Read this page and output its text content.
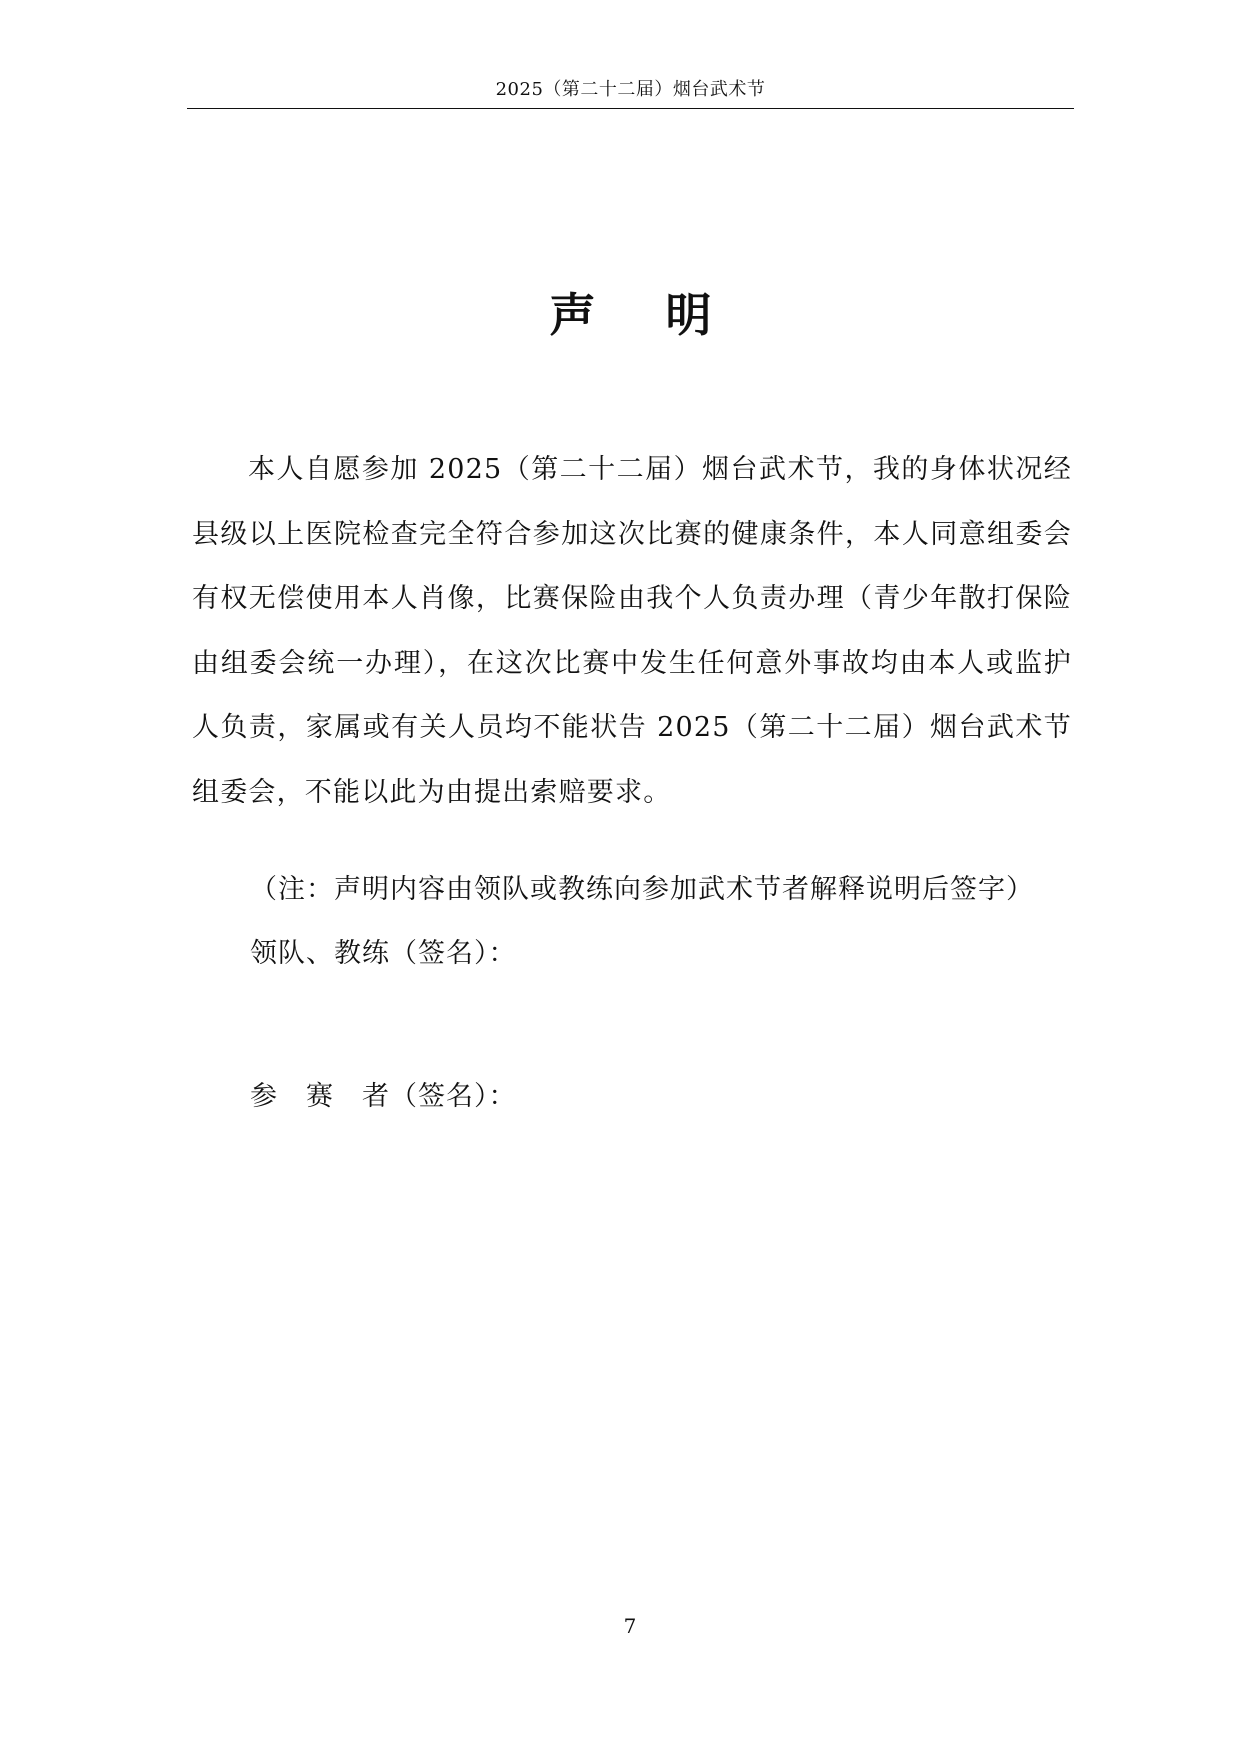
2025（第二十二届）烟台武术节
声明

本人自愿参加 2025（第二十二届）烟台武术节，我的身体状况经县级以上医院检查完全符合参加这次比赛的健康条件，本人同意组委会有权无偿使用本人肖像，比赛保险由我个人负责办理（青少年散打保险由组委会统一办理），在这次比赛中发生任何意外事故均由本人或监护人负责，家属或有关人员均不能状告 2025（第二十二届）烟台武术节组委会，不能以此为由提出索赔要求。

（注：声明内容由领队或教练向参加武术节者解释说明后签字）
领队、教练（签名）：
参 赛 者（签名）：
7
